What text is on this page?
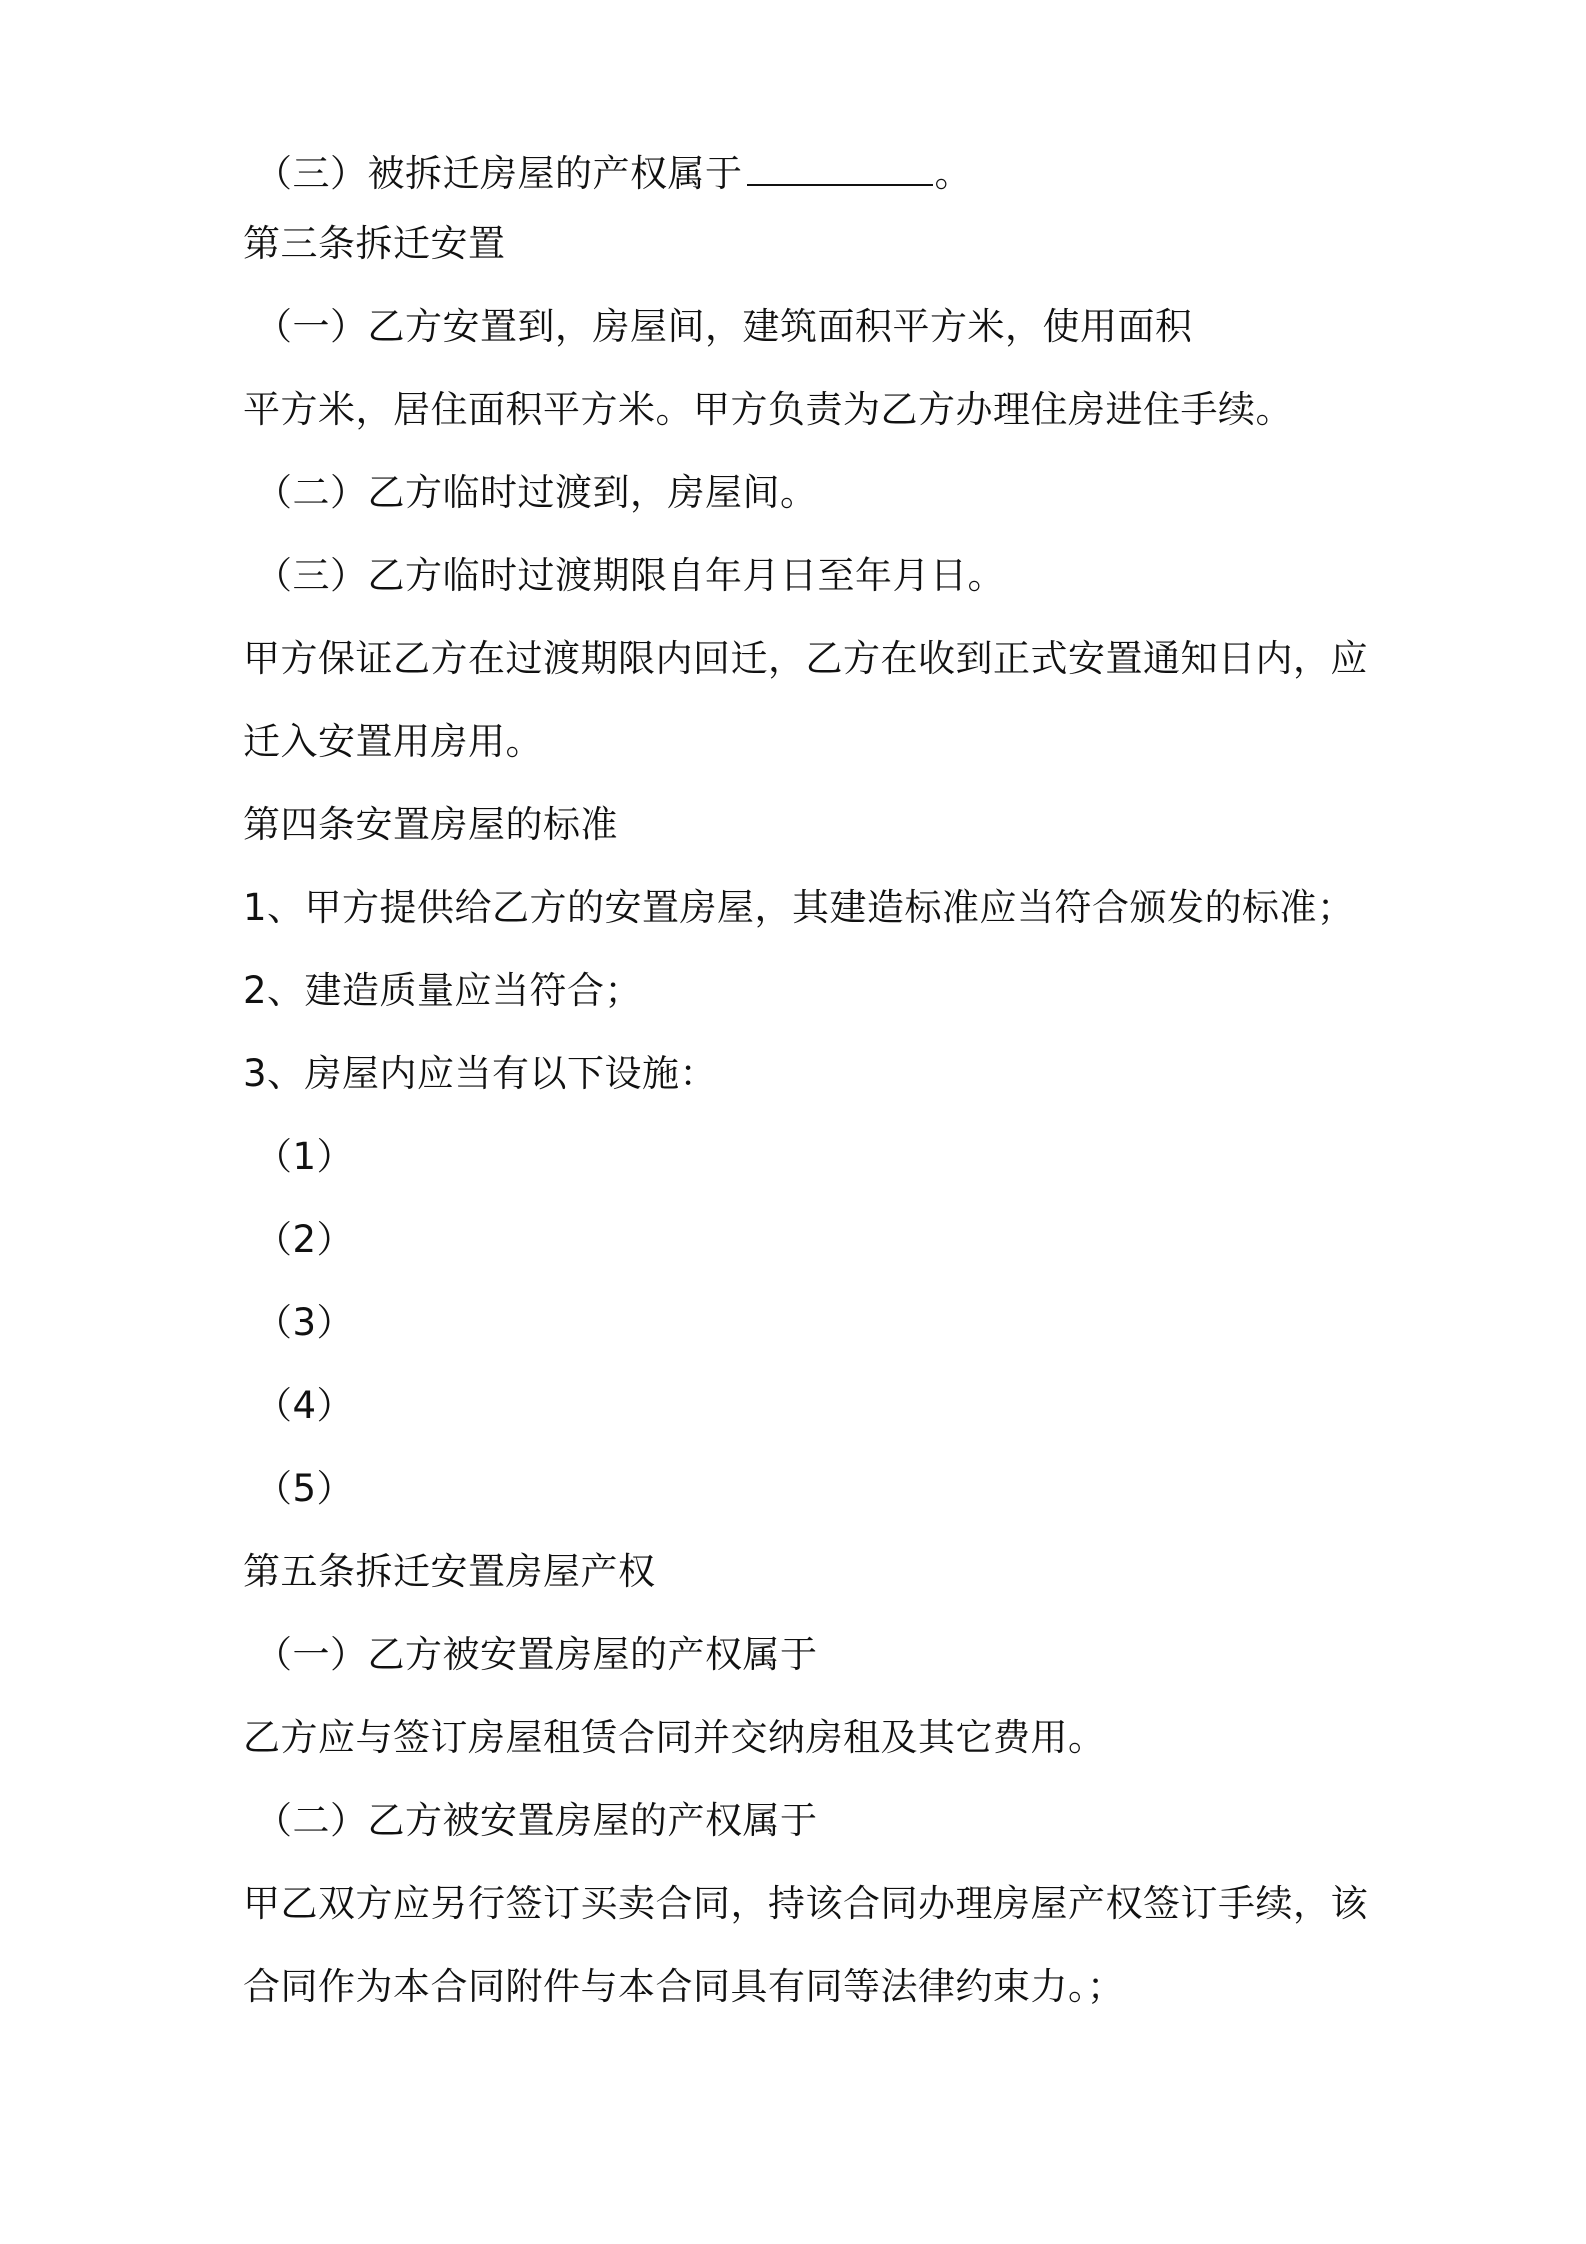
（三）被拆迁房屋的产权属于	。
第三条拆迁安置
（一）乙方安置到，房屋间，建筑面积平方米，使用面积
平方米，居住面积平方米。甲方负责为乙方办理住房进住手续。
（二）乙方临时过渡到，房屋间。
（三）乙方临时过渡期限自年月日至年月日。
甲方保证乙方在过渡期限内回迁，乙方在收到正式安置通知日内，应
迁入安置用房用。
第四条安置房屋的标准
1、甲方提供给乙方的安置房屋，其建造标准应当符合颁发的标准；
2、建造质量应当符合；
3、房屋内应当有以下设施：
（1）
（2）
（3）
（4）
（5）
第五条拆迁安置房屋产权
（一）乙方被安置房屋的产权属于
乙方应与签订房屋租赁合同并交纳房租及其它费用。
（二）乙方被安置房屋的产权属于
甲乙双方应另行签订买卖合同，持该合同办理房屋产权签订手续，该
合同作为本合同附件与本合同具有同等法律约束力。；
